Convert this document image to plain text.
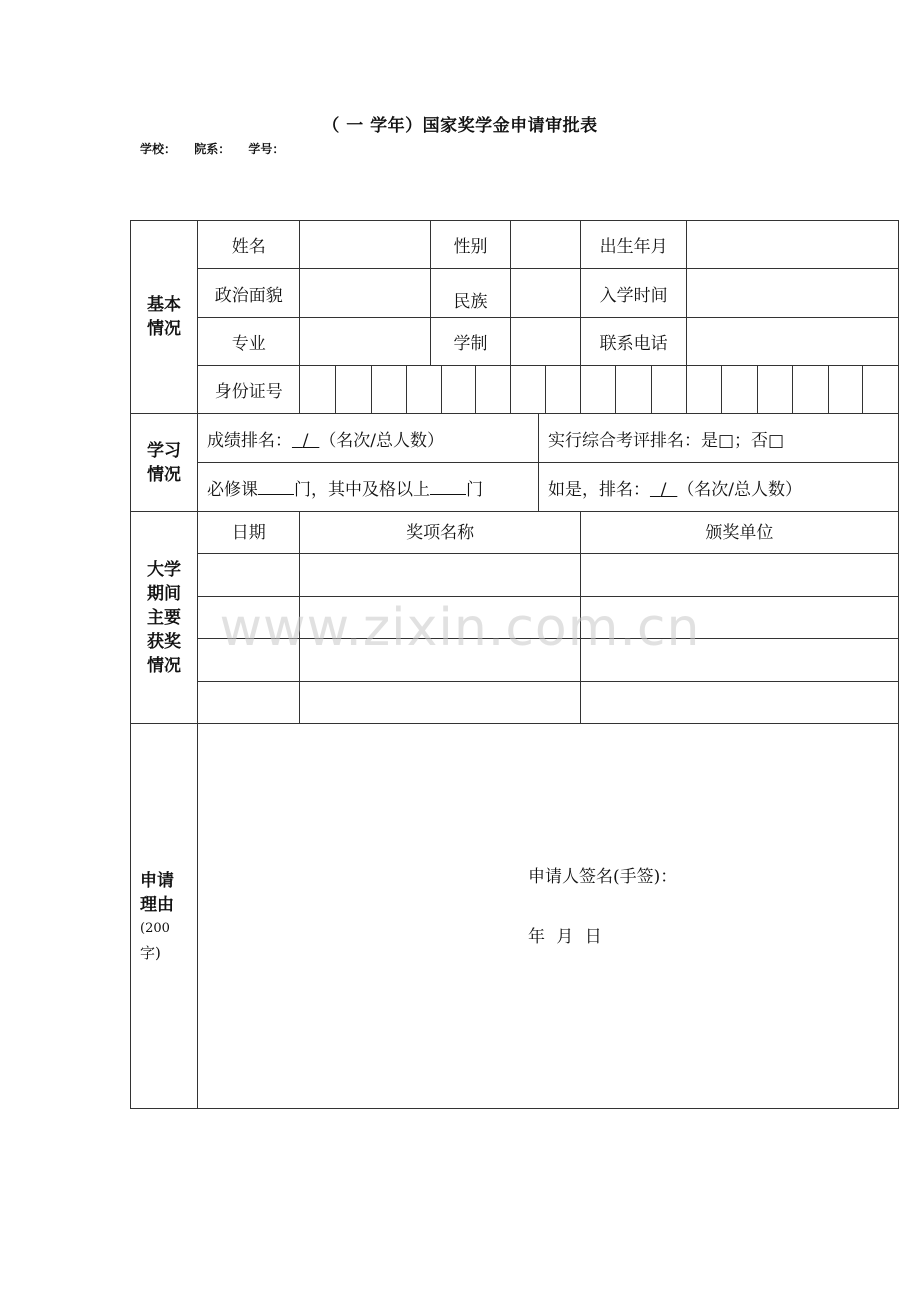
（ 一 学年）国家奖学金申请审批表
学校： 院系： 学号：
基本
情况	姓名					性别						出生年月								
	政治面貌					民族						入学时间								
	专业					学制						联系电话								
	身份证号																			

学习
情况	成绩排名： / （名次/总人数）									实行综合考评排名：是□；否□										
	必修课 门，其中及格以上 门									如是，排名： / （名次/总人数）										

大学
期间
主要
获奖
情况	日期	奖项名称										颁奖单位								

申请
理由
(200
字)																				

申请人签名(手签)：
年 月 日
www.zixin.com.cn
